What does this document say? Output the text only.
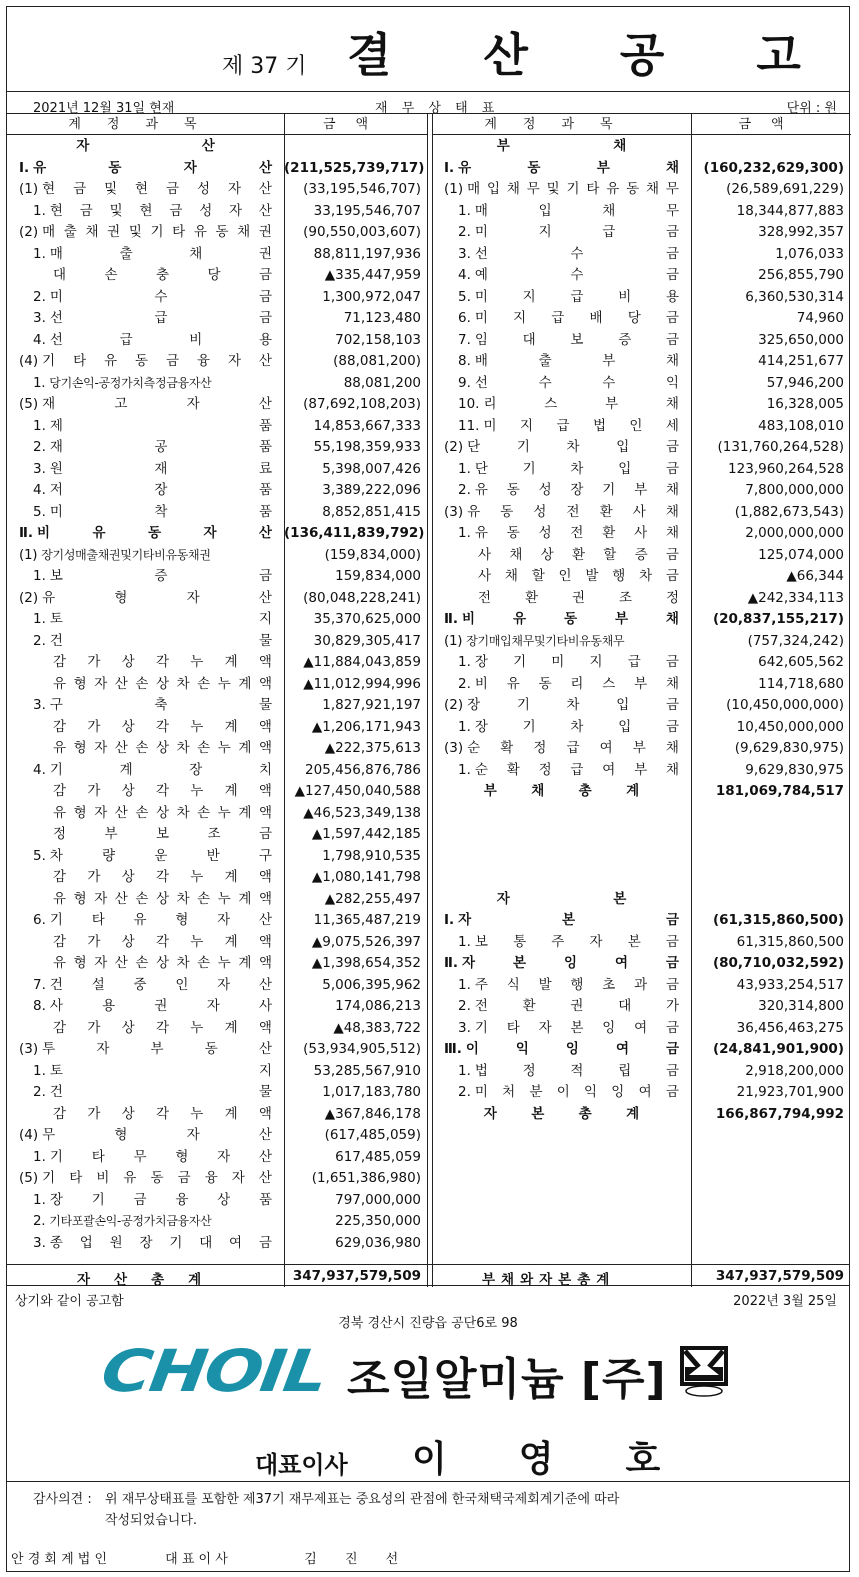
제 37 기 결 산 공 고
2021년 12월 31일 현재	재 무 상 태 표	단위 : 원
계정과목	금액	계정과목	금액
자	산
Ⅰ. 유	동	자	산 (211,525,739,717)
(1) 현 금 및 현 금 성 자 산	(33,195,546,707)
1. 현 금 및 현 금 성 자 산	33,195,546,707
(2) 매 출 채 권 및 기 타 유 동 채 권	(90,550,003,607)
1. 매	출	채	권	88,811,197,936
대	손	충	당	금	▲335,447,959
2. 미	수	금	1,300,972,047
3. 선	급	금	71,123,480
4. 선	급	비	용	702,158,103
(4) 기 타 유 동 금 융 자 산	(88,081,200)
1. 당기손익-공정가치측정금융자산	88,081,200
(5) 재	고	자	산	(87,692,108,203)
1. 제	품	14,853,667,333
2. 재	공	품	55,198,359,933
3. 원	재	료	5,398,007,426
4. 저	장	품	3,389,222,096
5. 미	착	품	8,852,851,415
Ⅱ. 비	유	동	자	산 (136,411,839,792)
(1) 장기성매출채권및기타비유동채권	(159,834,000)
1. 보	증	금	159,834,000
(2) 유	형	자	산	(80,048,228,241)
1. 토	지	35,370,625,000
2. 건	물	30,829,305,417
감 가 상 각 누 계 액	▲11,884,043,859
유 형 자 산 손 상 차 손 누 계 액	▲11,012,994,996
3. 구	축	물	1,827,921,197
감 가 상 각 누 계 액	▲1,206,171,943
유 형 자 산 손 상 차 손 누 계 액	▲222,375,613
4. 기	계	장	치	205,456,876,786
감 가 상 각 누 계 액	▲127,450,040,588
유 형 자 산 손 상 차 손 누 계 액	▲46,523,349,138
정	부	보	조	금	▲1,597,442,185
5. 차	량	운	반	구	1,798,910,535
감 가 상 각 누 계 액	▲1,080,141,798
유 형 자 산 손 상 차 손 누 계 액	▲282,255,497
6. 기 타 유 형 자 산	11,365,487,219
감 가 상 각 누 계 액	▲9,075,526,397
유 형 자 산 손 상 차 손 누 계 액	▲1,398,654,352
7. 건 설 중 인 자 산	5,006,395,962
8. 사	용	권	자	사	174,086,213
감 가 상 각 누 계 액	▲48,383,722
(3) 투	자	부	동	산	(53,934,905,512)
1. 토	지	53,285,567,910
2. 건	물	1,017,183,780
감 가 상 각 누 계 액	▲367,846,178
(4) 무	형	자	산	(617,485,059)
1. 기 타 무 형 자 산	617,485,059
(5) 기 타 비 유 동 금 융 자 산	(1,651,386,980)
1. 장 기 금 융 상 품	797,000,000
2. 기타포괄손익-공정가치금융자산	225,350,000
3. 종 업 원 장 기 대 여 금	629,036,980
부	채
Ⅰ. 유	동	부	채	(160,232,629,300)
(1) 매 입 채 무 및 기 타 유 동 채 무	(26,589,691,229)
1. 매	입	채	무	18,344,877,883
2. 미	지	급	금	328,992,357
3. 선	수	금	1,076,033
4. 예	수	금	256,855,790
5. 미	지	급	비	용	6,360,530,314
6. 미 지 급 배 당 금	74,960
7. 임	대	보	증	금	325,650,000
8. 배	출	부	채	414,251,677
9. 선	수	수	익	57,946,200
10. 리	스	부	채	16,328,005
11. 미 지 급 법 인 세	483,108,010
(2) 단	기	차	입	금	(131,760,264,528)
1. 단	기	차	입	금	123,960,264,528
2. 유 동 성 장 기 부 채	7,800,000,000
(3) 유 동 성 전 환 사 채	(1,882,673,543)
1. 유 동 성 전 환 사 채	2,000,000,000
사 채 상 환 할 증 금	125,074,000
사 채 할 인 발 행 차 금	▲66,344
전	환	권	조	정	▲242,334,113
Ⅱ. 비	유	동	부	채	(20,837,155,217)
(1) 장기매입채무및기타비유동채무	(757,324,242)
1. 장 기 미 지 급 금	642,605,562
2. 비 유 동 리 스 부 채	114,718,680
(2) 장	기	차	입	금	(10,450,000,000)
1. 장	기	차	입	금	10,450,000,000
(3) 순 확 정 급 여 부 채	(9,629,830,975)
1. 순 확 정 급 여 부 채	9,629,830,975
부	채	총	계	181,069,784,517
자	본
Ⅰ. 자	본	금	(61,315,860,500)
1. 보 통 주 자 본 금	61,315,860,500
Ⅱ. 자	본	잉	여	금	(80,710,032,592)
1. 주 식 발 행 초 과 금	43,933,254,517
2. 전	환	권	대	가	320,314,800
3. 기 타 자 본 잉 여 금	36,456,463,275
Ⅲ. 이	익	잉	여	금	(24,841,901,900)
1. 법	정	적	립	금	2,918,200,000
2. 미 처 분 이 익 잉 여 금	21,923,701,900
자	본	총	계	166,867,794,992
자산총계	347,937,579,509	부채와자본총계	347,937,579,509
상기와 같이 공고함	2022년 3월 25일
경북 경산시 진량읍 공단6로 98
CHOIL 조일알미늄 [주]
대표이사 이영호
감사의견 : 위 재무상태표를 포함한 제37기 재무제표는 중요성의 관점에 한국채택국제회계기준에 따라
작성되었습니다.
안 경 회 계 법 인	대 표 이 사	김 진 선
